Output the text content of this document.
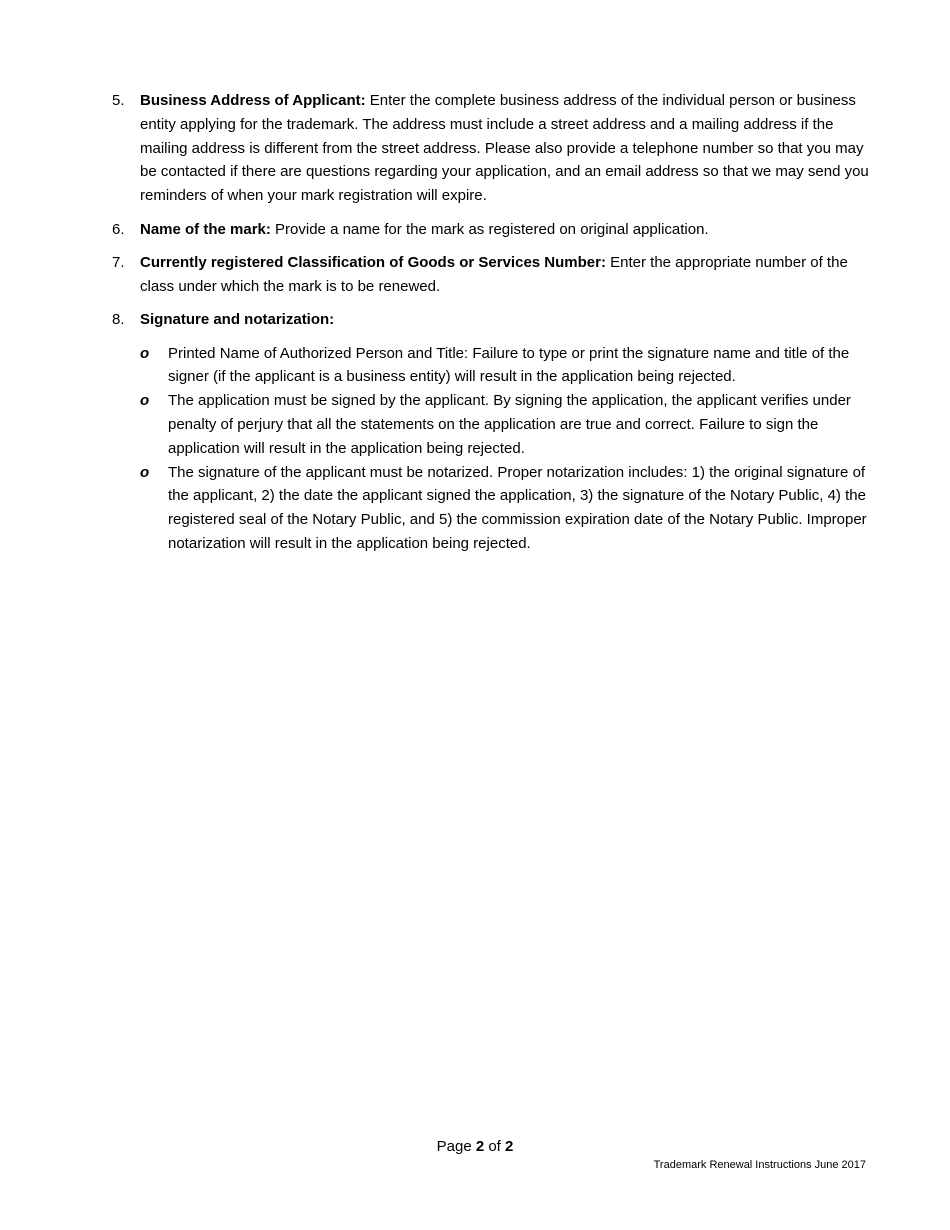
5.	Business Address of Applicant: Enter the complete business address of the individual person or business entity applying for the trademark. The address must include a street address and a mailing address if the mailing address is different from the street address. Please also provide a telephone number so that you may be contacted if there are questions regarding your application, and an email address so that we may send you reminders of when your mark registration will expire.
6.	Name of the mark: Provide a name for the mark as registered on original application.
7.	Currently registered Classification of Goods or Services Number: Enter the appropriate number of the class under which the mark is to be renewed.
8.	Signature and notarization:
o Printed Name of Authorized Person and Title: Failure to type or print the signature name and title of the signer (if the applicant is a business entity) will result in the application being rejected.
o The application must be signed by the applicant. By signing the application, the applicant verifies under penalty of perjury that all the statements on the application are true and correct. Failure to sign the application will result in the application being rejected.
o The signature of the applicant must be notarized. Proper notarization includes: 1) the original signature of the applicant, 2) the date the applicant signed the application, 3) the signature of the Notary Public, 4) the registered seal of the Notary Public, and 5) the commission expiration date of the Notary Public. Improper notarization will result in the application being rejected.
Page 2 of 2
Trademark Renewal Instructions June 2017
